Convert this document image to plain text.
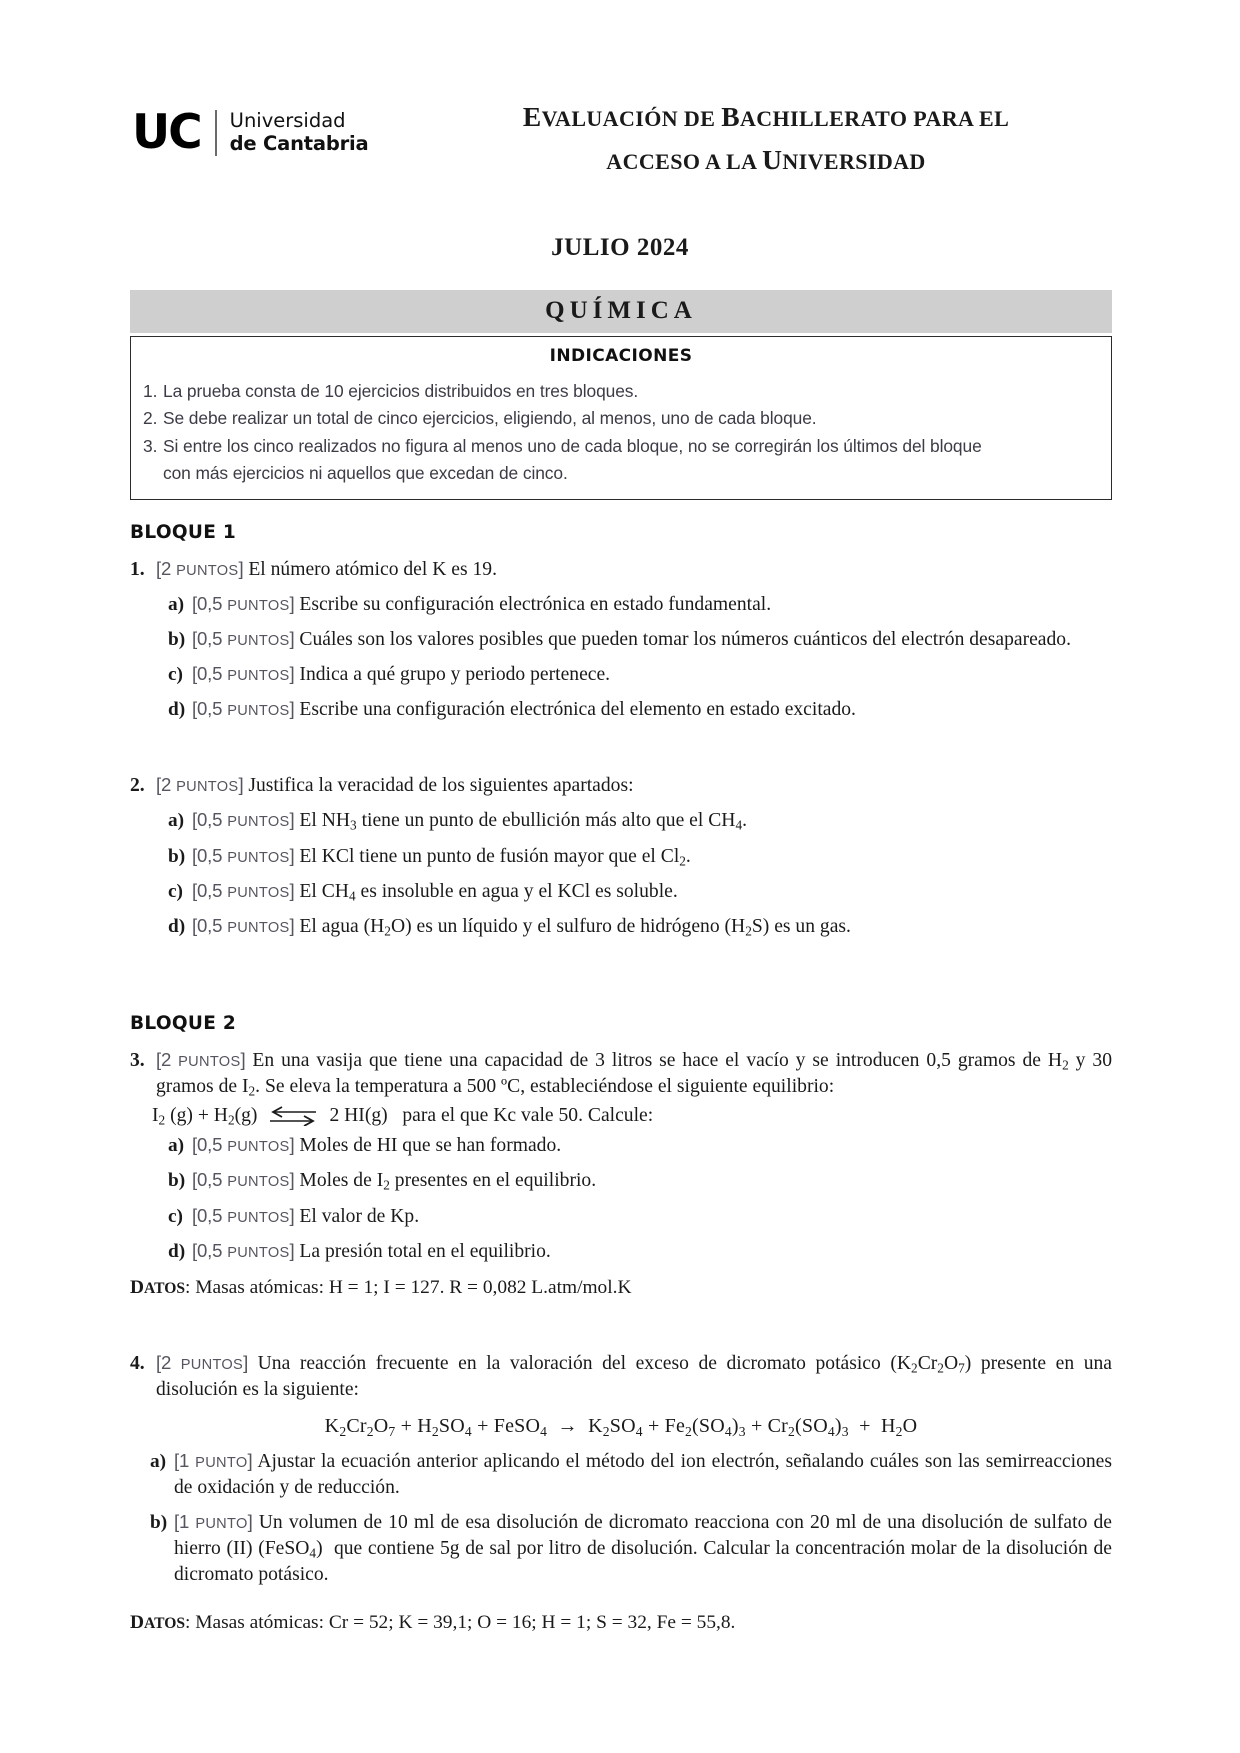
UC Universidad
de Cantabria
EVALUACIÓN DE BACHILLERATO PARA EL
ACCESO A LA UNIVERSIDAD
JULIO 2024
QUÍMICA
INDICACIONES
1. La prueba consta de 10 ejercicios distribuidos en tres bloques.
2. Se debe realizar un total de cinco ejercicios, eligiendo, al menos, uno de cada bloque.
3. Si entre los cinco realizados no figura al menos uno de cada bloque, no se corregirán los últimos del bloque
con más ejercicios ni aquellos que excedan de cinco.
BLOQUE 1
1. [2 PUNTOS] El número atómico del K es 19.
a) [0,5 PUNTOS] Escribe su configuración electrónica en estado fundamental.
b) [0,5 PUNTOS] Cuáles son los valores posibles que pueden tomar los números cuánticos del electrón desapareado.
c) [0,5 PUNTOS] Indica a qué grupo y periodo pertenece.
d) [0,5 PUNTOS] Escribe una configuración electrónica del elemento en estado excitado.
2. [2 PUNTOS] Justifica la veracidad de los siguientes apartados:
a) [0,5 PUNTOS] El $NH_3$ tiene un punto de ebullición más alto que el $CH_4$.
b) [0,5 PUNTOS] El KCl tiene un punto de fusión mayor que el $Cl_2$.
c) [0,5 PUNTOS] El $CH_4$ es insoluble en agua y el KCl es soluble.
d) [0,5 PUNTOS] El agua $(H_2O)$ es un líquido y el sulfuro de hidrógeno $(H_2S)$ es un gas.
BLOQUE 2
3. [2 PUNTOS] En una vasija que tiene una capacidad de 3 litros se hace el vacío y se introducen 0,5 gramos de $H_2$ y 30 gramos de $I_2$. Se eleva la temperatura a 500 ºC, estableciéndose el siguiente equilibrio:
$I_2$ $(g) + H_2(g)$ ⇌ 2 HI(g)   para el que Kc vale 50. Calcule:
a) [0,5 PUNTOS] Moles de HI que se han formado.
b) [0,5 PUNTOS] Moles de $I_2$ presentes en el equilibrio.
c) [0,5 PUNTOS] El valor de Kp.
d) [0,5 PUNTOS] La presión total en el equilibrio.
DATOS: Masas atómicas: H = 1; I = 127. R = 0,082 L.atm/mol.K
4. [2 PUNTOS] Una reacción frecuente en la valoración del exceso de dicromato potásico $(K_2Cr_2O_7)$ presente en una disolución es la siguiente:
$K_2Cr_2O_7 + H_2SO_4$ + FeSO$_4$  →  $K_2SO_4 + Fe_2(SO_4)_3 + Cr_2(SO_4)_3 + H_2O$
a) [1 PUNTO] Ajustar la ecuación anterior aplicando el método del ion electrón, señalando cuáles son las semirreacciones de oxidación y de reducción.
b) [1 PUNTO] Un volumen de 10 ml de esa disolución de dicromato reacciona con 20 ml de una disolución de sulfato de hierro (II) (FeSO$_4$)  que contiene 5g de sal por litro de disolución. Calcular la concentración molar de la disolución de dicromato potásico.
DATOS: Masas atómicas: Cr = 52; K = 39,1; O = 16; H = 1; S = 32, Fe = 55,8.
